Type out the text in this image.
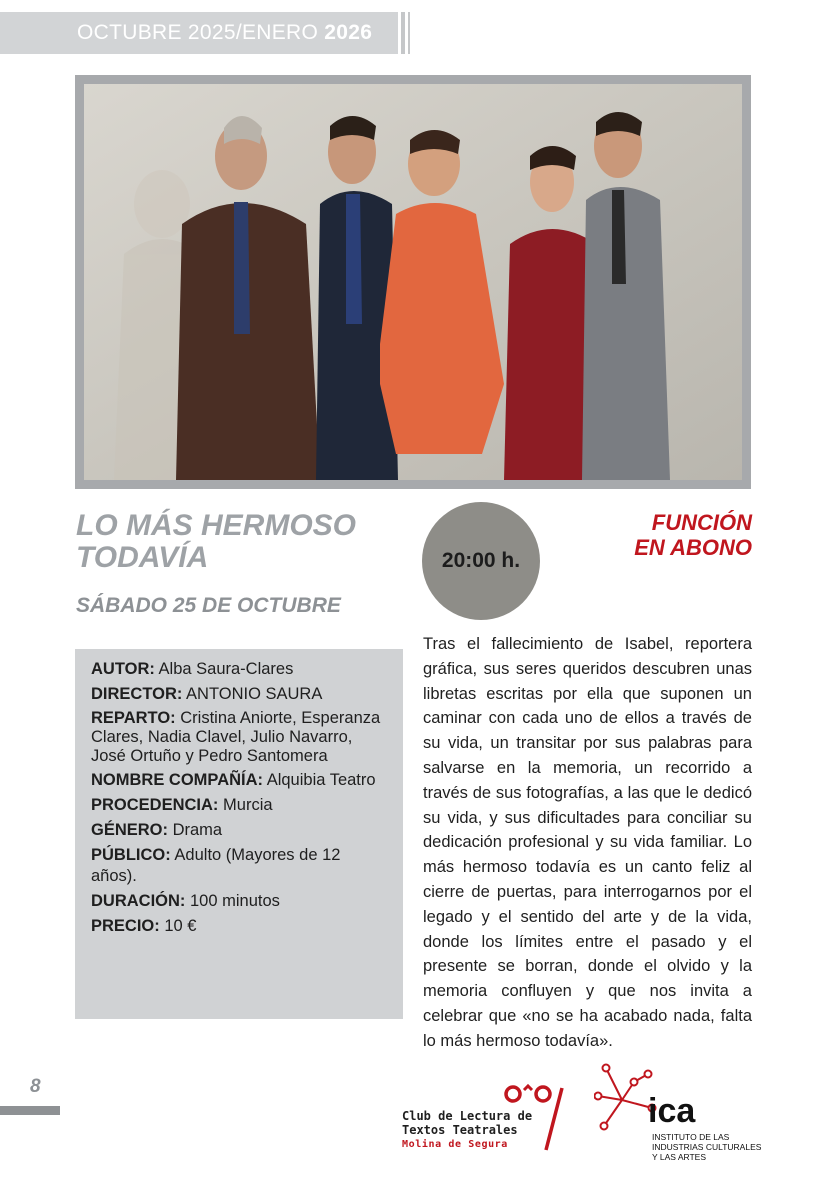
OCTUBRE 2025/ENERO 2026
LO MÁS HERMOSO TODAVÍA
SÁBADO 25 DE OCTUBRE
20:00 h.
FUNCIÓN
EN ABONO

AUTOR: Alba Saura-Clares

DIRECTOR: ANTONIO SAURA

REPARTO: Cristina Aniorte, Esperanza Clares, Nadia Clavel, Julio Navarro, José Ortuño y Pedro Santomera

NOMBRE COMPAÑÍA: Alquibia Teatro

PROCEDENCIA: Murcia

GÉNERO: Drama

PÚBLICO: Adulto (Mayores de 12 años).

DURACIÓN: 100 minutos

PRECIO: 10 €

Tras el fallecimiento de Isabel, reportera gráfica, sus seres queridos descubren unas libretas escritas por ella que suponen un caminar con cada uno de ellos a través de su vida, un transitar por sus palabras para salvarse en la memoria, un recorrido a través de sus fotografías, a las que le dedicó su vida, y sus dificultades para conciliar su dedicación profesional y su vida familiar. Lo más hermoso todavía es un canto feliz al cierre de puertas, para interrogarnos por el legado y el sentido del arte y de la vida, donde los límites entre el pasado y el presente se borran, donde el olvido y la memoria confluyen y que nos invita a celebrar que «no se ha acabado nada, falta lo más hermoso todavía».

8
Club de Lectura de
Textos Teatrales
Molina de Segura
ica
INSTITUTO DE LAS
INDUSTRIAS CULTURALES
Y LAS ARTES
